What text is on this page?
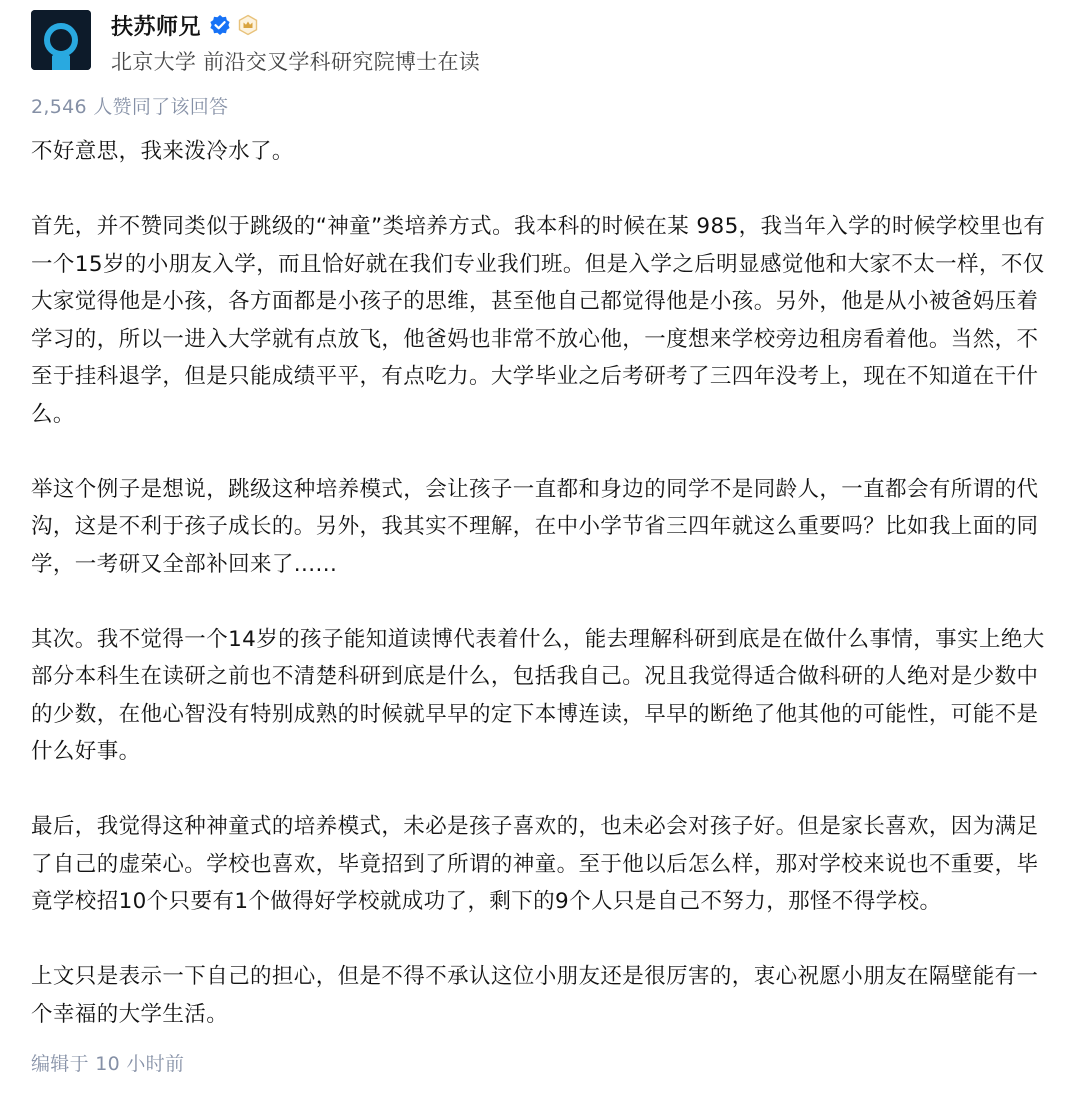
扶苏师兄
北京大学 前沿交叉学科研究院博士在读
2,546 人赞同了该回答

不好意思，我来泼冷水了。

首先，并不赞同类似于跳级的“神童”类培养方式。我本科的时候在某 985，我当年入学的时候学校里也有一个15岁的小朋友入学，而且恰好就在我们专业我们班。但是入学之后明显感觉他和大家不太一样，不仅大家觉得他是小孩，各方面都是小孩子的思维，甚至他自己都觉得他是小孩。另外，他是从小被爸妈压着学习的，所以一进入大学就有点放飞，他爸妈也非常不放心他，一度想来学校旁边租房看着他。当然，不至于挂科退学，但是只能成绩平平，有点吃力。大学毕业之后考研考了三四年没考上，现在不知道在干什么。

举这个例子是想说，跳级这种培养模式，会让孩子一直都和身边的同学不是同龄人，一直都会有所谓的代沟，这是不利于孩子成长的。另外，我其实不理解，在中小学节省三四年就这么重要吗？比如我上面的同学，一考研又全部补回来了......

其次。我不觉得一个14岁的孩子能知道读博代表着什么，能去理解科研到底是在做什么事情，事实上绝大部分本科生在读研之前也不清楚科研到底是什么，包括我自己。况且我觉得适合做科研的人绝对是少数中的少数，在他心智没有特别成熟的时候就早早的定下本博连读，早早的断绝了他其他的可能性，可能不是什么好事。

最后，我觉得这种神童式的培养模式，未必是孩子喜欢的，也未必会对孩子好。但是家长喜欢，因为满足了自己的虚荣心。学校也喜欢，毕竟招到了所谓的神童。至于他以后怎么样，那对学校来说也不重要，毕竟学校招10个只要有1个做得好学校就成功了，剩下的9个人只是自己不努力，那怪不得学校。

上文只是表示一下自己的担心，但是不得不承认这位小朋友还是很厉害的，衷心祝愿小朋友在隔壁能有一个幸福的大学生活。

编辑于 10 小时前
